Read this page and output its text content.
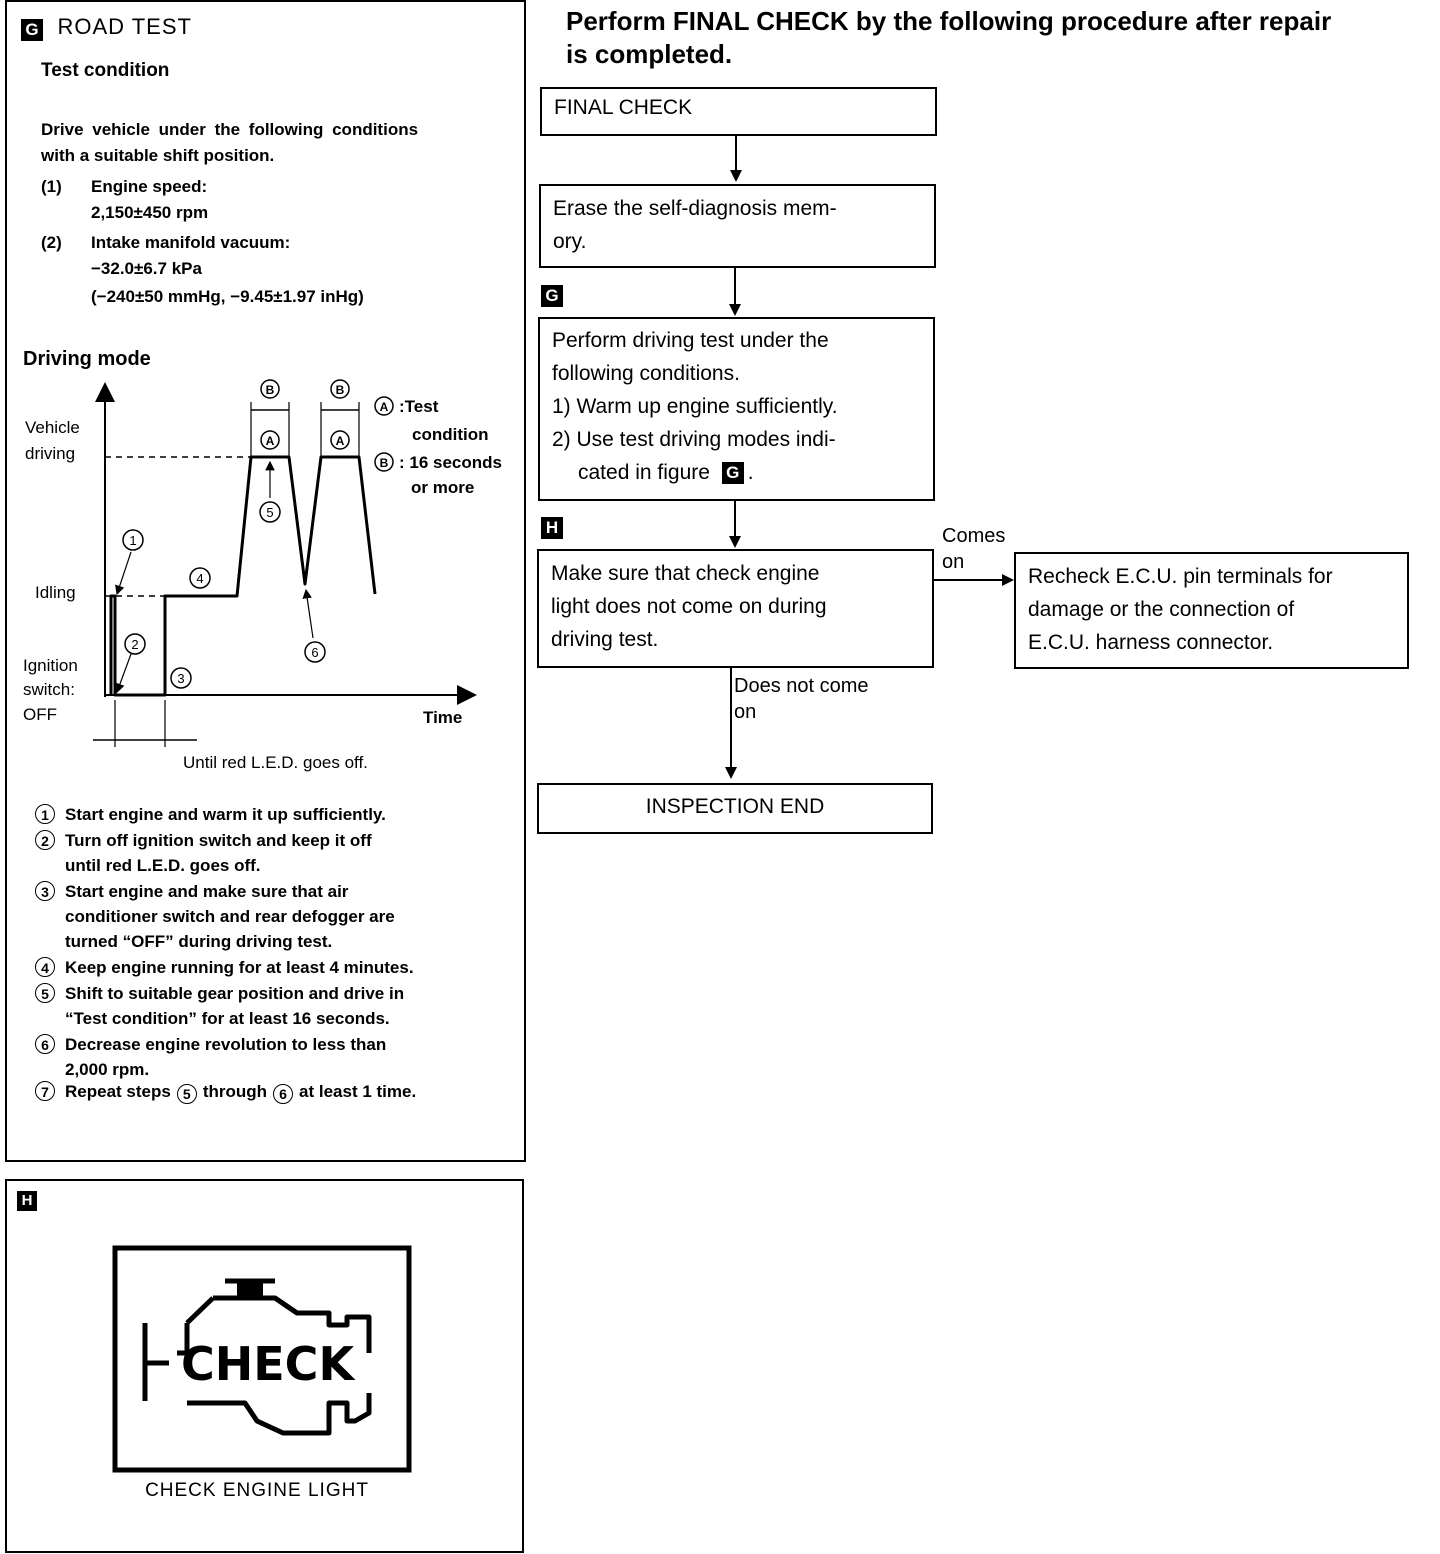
G ROAD TEST
Test condition
Drive vehicle under the following conditions
with a suitable shift position.
(1) Engine speed:
2,150±450 rpm
(2) Intake manifold vacuum:
−32.0±6.7 kPa
(−240±50 mmHg, −9.45±1.97 inHg)
Driving mode
B	B
A	A
1
2
3
4
5
6
A
B
Vehicle
driving
Idling
Ignition
switch:
OFF	Time
Until red L.E.D. goes off.
:Test
condition
: 16 seconds
or more
1 Start engine and warm it up sufficiently.
2 Turn off ignition switch and keep it off
until red L.E.D. goes off.
3 Start engine and make sure that air
conditioner switch and rear defogger are
turned “OFF” during driving test.
4 Keep engine running for at least 4 minutes.
5 Shift to suitable gear position and drive in
“Test condition” for at least 16 seconds.
6 Decrease engine revolution to less than
2,000 rpm.
7 Repeat steps 5 through 6 at least 1 time.
H
CHECK
CHECK ENGINE LIGHT
Perform FINAL CHECK by the following procedure after repair
is completed.
FINAL CHECK
Erase the self-diagnosis mem-
ory.
G
Perform driving test under the
following conditions.
1) Warm up engine sufficiently.
2) Use test driving modes indi-
cated in figure G .
H
Make sure that check engine
light does not come on during
driving test.
Comes
on
Recheck E.C.U. pin terminals for
damage or the connection of
E.C.U. harness connector.
Does not come
on
INSPECTION END
